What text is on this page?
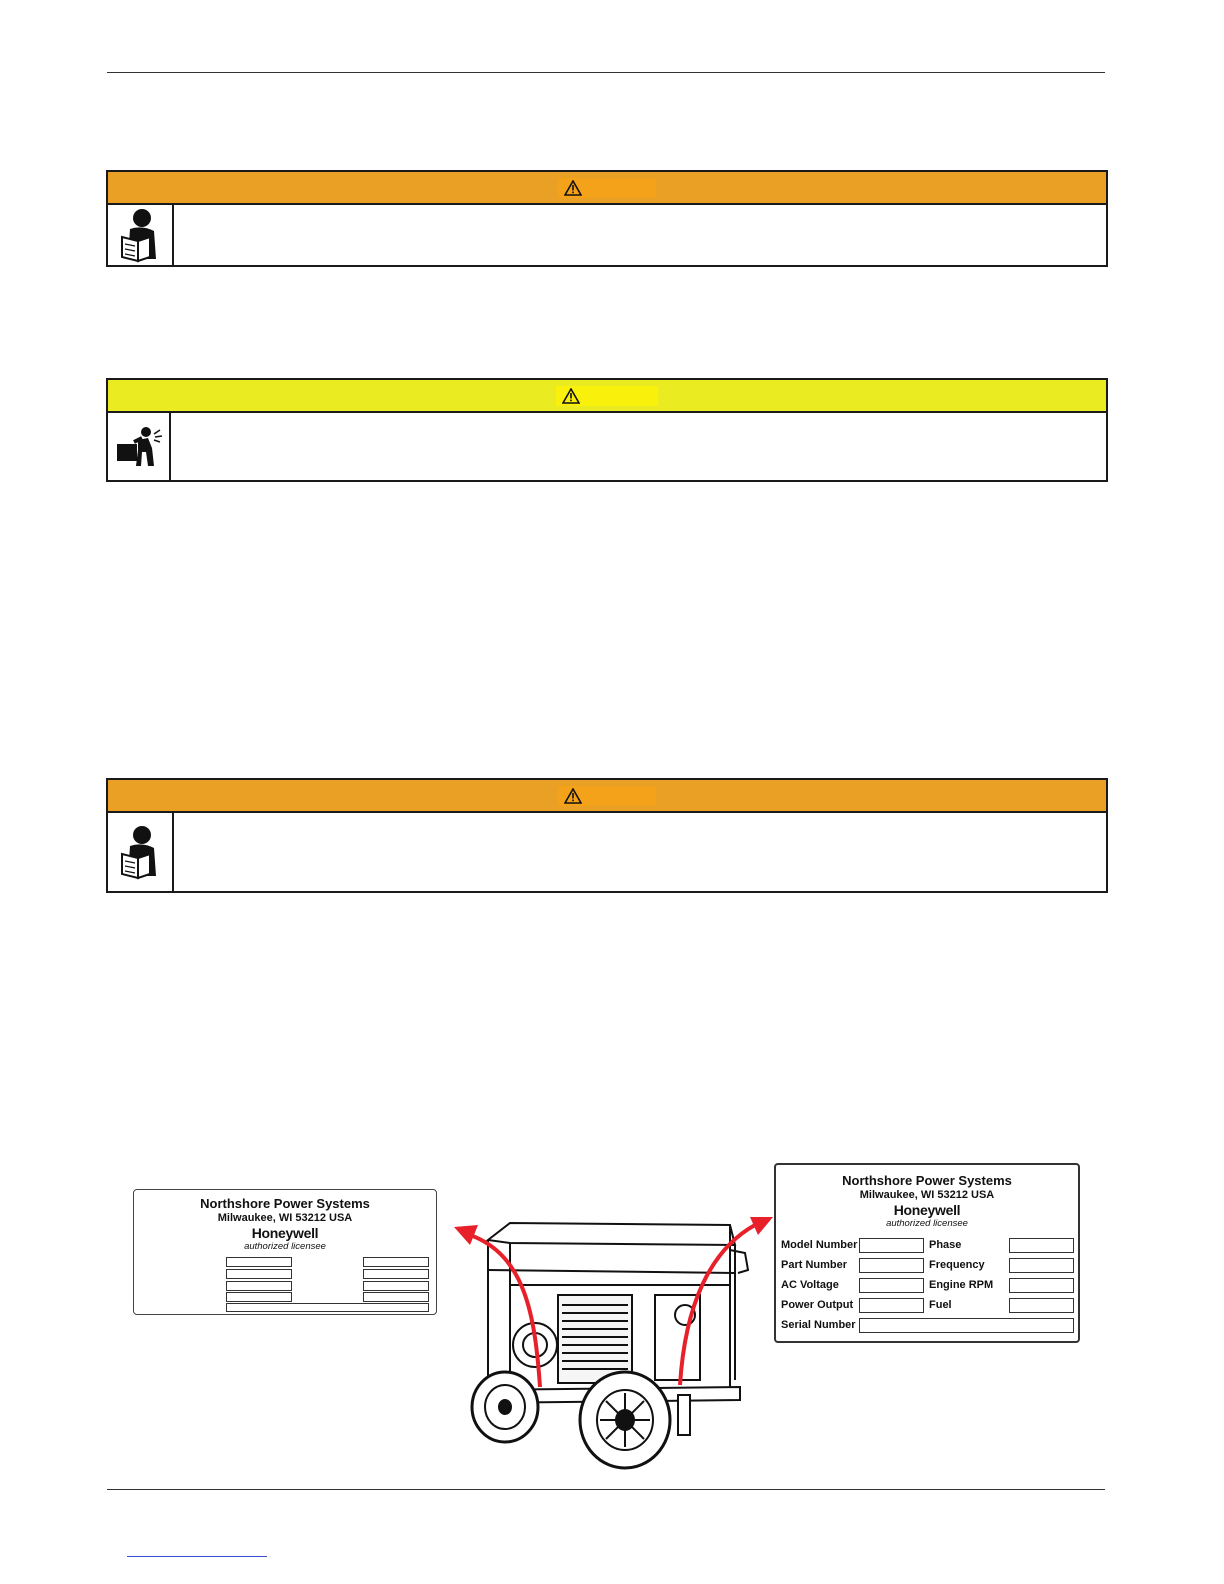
Northshore Power Systems
Milwaukee, WI 53212 USA
Honeywell
authorized licensee
Northshore Power Systems
Milwaukee, WI 53212 USA
Honeywell
authorized licensee
Model Number
Part Number
AC Voltage
Power Output
Serial Number
Phase
Frequency
Engine RPM
Fuel
